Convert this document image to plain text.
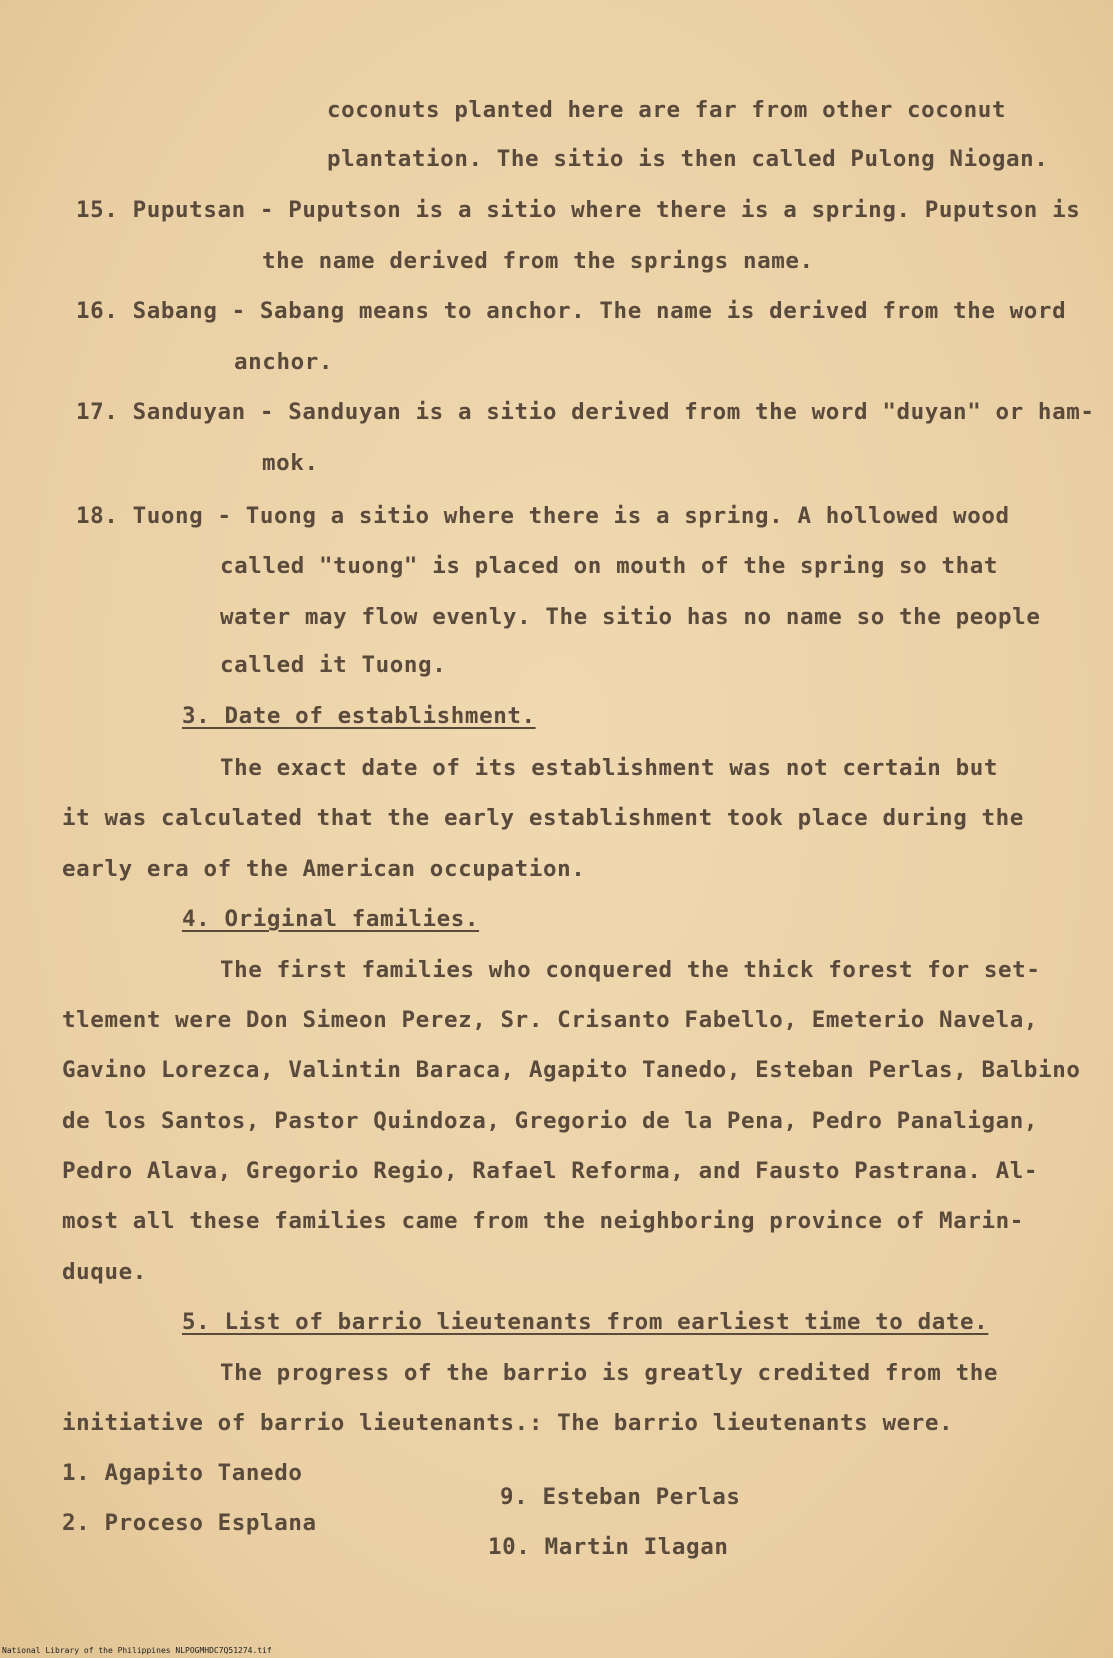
coconuts planted here are far from other coconut
plantation. The sitio is then called Pulong Niogan.
15. Puputsan - Puputson is a sitio where there is a spring. Puputson is
the name derived from the springs name.
16. Sabang - Sabang means to anchor. The name is derived from the word
anchor.
17. Sanduyan - Sanduyan is a sitio derived from the word "duyan" or ham-
mok.
18. Tuong - Tuong a sitio where there is a spring. A hollowed wood
called "tuong" is placed on mouth of the spring so that
water may flow evenly. The sitio has no name so the people
called it Tuong.
3. Date of establishment.
The exact date of its establishment was not certain but
it was calculated that the early establishment took place during the
early era of the American occupation.
4. Original families.
The first families who conquered the thick forest for set-
tlement were Don Simeon Perez, Sr. Crisanto Fabello, Emeterio Navela,
Gavino Lorezca, Valintin Baraca, Agapito Tanedo, Esteban Perlas, Balbino
de los Santos, Pastor Quindoza, Gregorio de la Pena, Pedro Panaligan,
Pedro Alava, Gregorio Regio, Rafael Reforma, and Fausto Pastrana. Al-
most all these families came from the neighboring province of Marin-
duque.
5. List of barrio lieutenants from earliest time to date.
The progress of the barrio is greatly credited from the
initiative of barrio lieutenants.: The barrio lieutenants were.
1. Agapito Tanedo
9. Esteban Perlas
2. Proceso Esplana
10. Martin Ilagan
National Library of the Philippines NLPOGMHDC7Q51274.tif
